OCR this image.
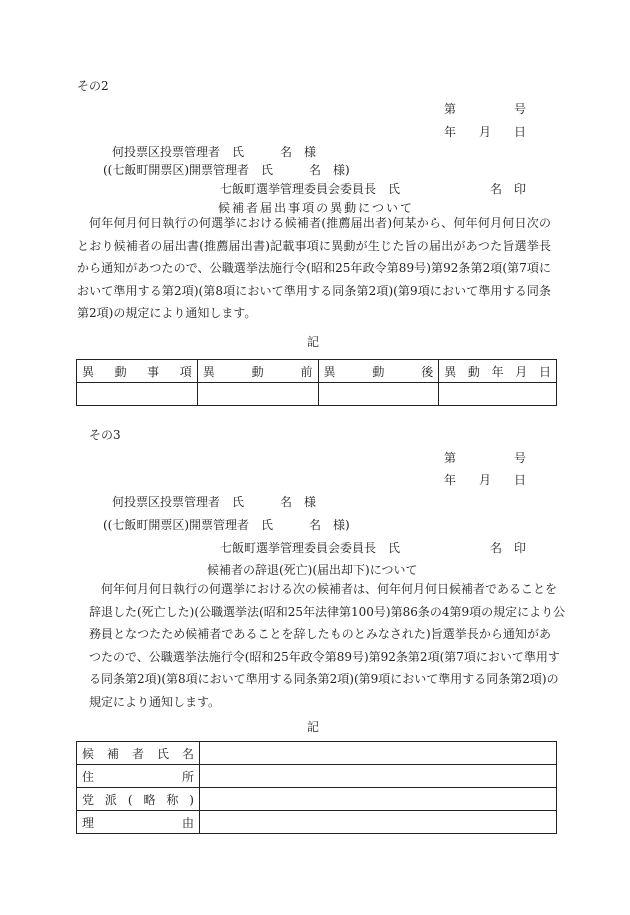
その2
第	号
年 月 日
何投票区投票管理者　氏　　　名　様
((七飯町開票区)開票管理者　氏　　　名　様)
七飯町選挙管理委員会委員長　氏	名　印
候補者届出事項の異動について
何年何月何日執行の何選挙における候補者(推薦届出者)何某から、何年何月何日次の
とおり候補者の届出書(推薦届出書)記載事項に異動が生じた旨の届出があつた旨選挙長
から通知があつたので、公職選挙法施行令(昭和25年政令第89号)第92条第2項(第7項に
おいて準用する第2項)(第8項において準用する同条第2項)(第9項において準用する同条
第2項)の規定により通知します。
記
異　動　事　項	異　動　前	異　動　後	異動年月日

その3
第	号
年 月 日
何投票区投票管理者　氏　　　名　様
((七飯町開票区)開票管理者　氏　　　名　様)
七飯町選挙管理委員会委員長　氏	名　印
候補者の辞退(死亡)(届出却下)について
何年何月何日執行の何選挙における次の候補者は、何年何月何日候補者であることを
辞退した(死亡した)(公職選挙法(昭和25年法律第100号)第86条の4第9項の規定により公
務員となつたため候補者であることを辞したものとみなされた)旨選挙長から通知があ
つたので、公職選挙法施行令(昭和25年政令第89号)第92条第2項(第7項において準用す
る同条第2項)(第8項において準用する同条第2項)(第9項において準用する同条第2項)の
規定により通知します。
記
候補者氏名	

住所	

党派(略称)	

理由	
